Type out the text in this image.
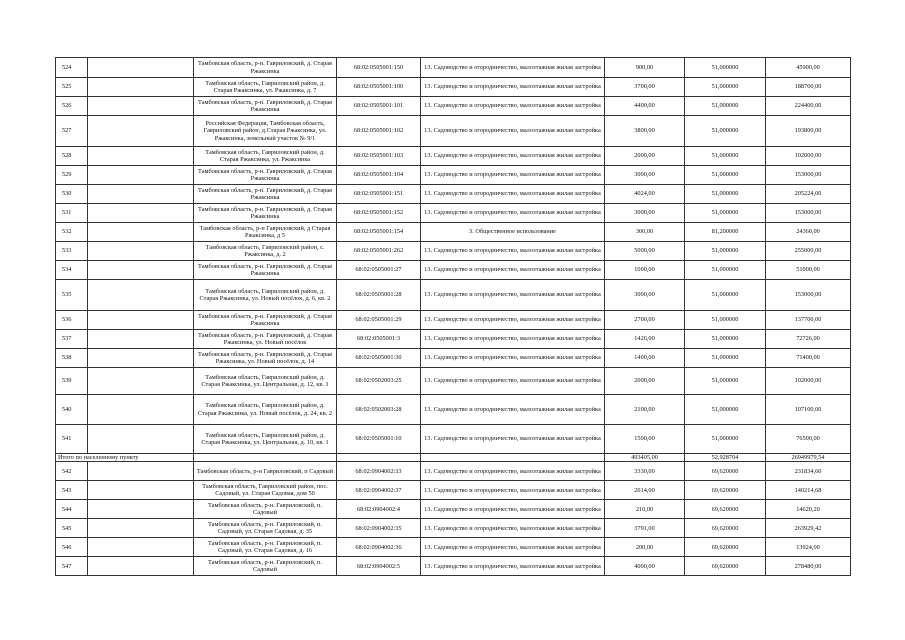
524		Тамбовская область, р-н. Гавриловский, д. Старая Ржаксинка	68:02:0505001:150	13. Садоводство и огородничество, малоэтажная жилая застройка	900,00	51,000000	45900,00
525		Тамбовская область, Гавриловский район, д. Старая Ржаксинка, ул. Ржаксинка, д. 7	68:02:0505001:100	13. Садоводство и огородничество, малоэтажная жилая застройка	3700,00	51,000000	188700,00
526		Тамбовская область, р-н. Гавриловский, д. Старая Ржаксинка	68:02:0505001:101	13. Садоводство и огородничество, малоэтажная жилая застройка	4400,00	51,000000	224400,00
527		Российская Федерация, Тамбовская область, Гавриловский район, д.Старая Ржаксинка, ул. Ржаксинка, земельный участок № 9/1	68:02:0505001:102	13. Садоводство и огородничество, малоэтажная жилая застройка	3800,00	51,000000	193800,00
528		Тамбовская область, Гавриловский район, д. Старая Ржаксинка, ул. Ржаксинка	68:02:0505001:103	13. Садоводство и огородничество, малоэтажная жилая застройка	2000,00	51,000000	102000,00
529		Тамбовская область, р-н. Гавриловский, д. Старая Ржаксинка	68:02:0505001:104	13. Садоводство и огородничество, малоэтажная жилая застройка	3000,00	51,000000	153000,00
530		Тамбовская область, р-н. Гавриловский, д. Старая Ржаксинка	68:02:0505001:151	13. Садоводство и огородничество, малоэтажная жилая застройка	4024,00	51,000000	205224,00
531		Тамбовская область, р-н. Гавриловский, д. Старая Ржаксинка	68:02:0505001:152	13. Садоводство и огородничество, малоэтажная жилая застройка	3000,00	51,000000	153000,00
532		Тамбовская область, р-н Гавриловский, д Старая Ржаксинка, д 5	68:02:0505001:154	3. Общественное использование	300,00	81,200000	24360,00
533		Тамбовская область, Гавриловский район, с. Ржаксинка, д. 2	68:02:0505001:262	13. Садоводство и огородничество, малоэтажная жилая застройка	5000,00	51,000000	255000,00
534		Тамбовская область, р-н. Гавриловский, д. Старая Ржаксинка	68:02:0505001:27	13. Садоводство и огородничество, малоэтажная жилая застройка	1000,00	51,000000	51000,00
535		Тамбовская область, Гавриловский район, д. Старая Ржаксинка, ул. Новый посёлок, д. 6, кв. 2	68:02:0505001:28	13. Садоводство и огородничество, малоэтажная жилая застройка	3000,00	51,000000	153000,00
536		Тамбовская область, р-н. Гавриловский, д. Старая Ржаксинка	68:02:0505001:29	13. Садоводство и огородничество, малоэтажная жилая застройка	2700,00	51,000000	137700,00
537		Тамбовская область, р-н. Гавриловский, д. Старая Ржаксинка, ул. Новый посёлок	68:02:0505001:3	13. Садоводство и огородничество, малоэтажная жилая застройка	1426,00	51,000000	72726,00
538		Тамбовская область, р-н. Гавриловский, д. Старая Ржаксинка, ул. Новый посёлок, д. 14	68:02:0505001:30	13. Садоводство и огородничество, малоэтажная жилая застройка	1400,00	51,000000	71400,00
539		Тамбовская область, Гавриловский район, д. Старая Ржаксинка, ул. Центральная, д. 12, кв. 1	68:02:0502003:25	13. Садоводство и огородничество, малоэтажная жилая застройка	2000,00	51,000000	102000,00
540		Тамбовская область, Гавриловский район, д. Старая Ржаксинка, ул. Новый посёлок, д. 24, кв. 2	68:02:0502003:28	13. Садоводство и огородничество, малоэтажная жилая застройка	2100,00	51,000000	107100,00
541		Тамбовская область, Гавриловский район, д. Старая Ржаксинка, ул. Центральная, д. 10, кв. 1	68:02:0505001:10	13. Садоводство и огородничество, малоэтажная жилая застройка	1500,00	51,000000	76500,00
Итого по населенному пункту					493405,00	52,928704	26949979,54
542		Тамбовская область, р-н Гавриловский, п Садовый	68:02:0904002:33	13. Садоводство и огородничество, малоэтажная жилая застройка	3330,00	69,620000	231834,60
543		Тамбовская область, Гавриловский район, пос. Садовый, ул. Старая Садовая, дом 50	68:02:0904002:37	13. Садоводство и огородничество, малоэтажная жилая застройка	2014,00	69,620000	140214,68
544		Тамбовская область, р-н. Гавриловский, п. Садовый	68:02:0904002:4	13. Садоводство и огородничество, малоэтажная жилая застройка	210,00	69,620000	14620,20
545		Тамбовская область, р-н. Гавриловский, п. Садовый, ул. Старая Садовая, д. 35	68:02:0904002:35	13. Садоводство и огородничество, малоэтажная жилая застройка	3791,00	69,620000	263929,42
546		Тамбовская область, р-н. Гавриловский, п. Садовый, ул. Старая Садовая, д. 16	68:02:0904002:36	13. Садоводство и огородничество, малоэтажная жилая застройка	200,00	69,620000	13924,00
547		Тамбовская область, р-н. Гавриловский, п. Садовый	68:02:0904002:5	13. Садоводство и огородничество, малоэтажная жилая застройка	4000,00	69,620000	278480,00
